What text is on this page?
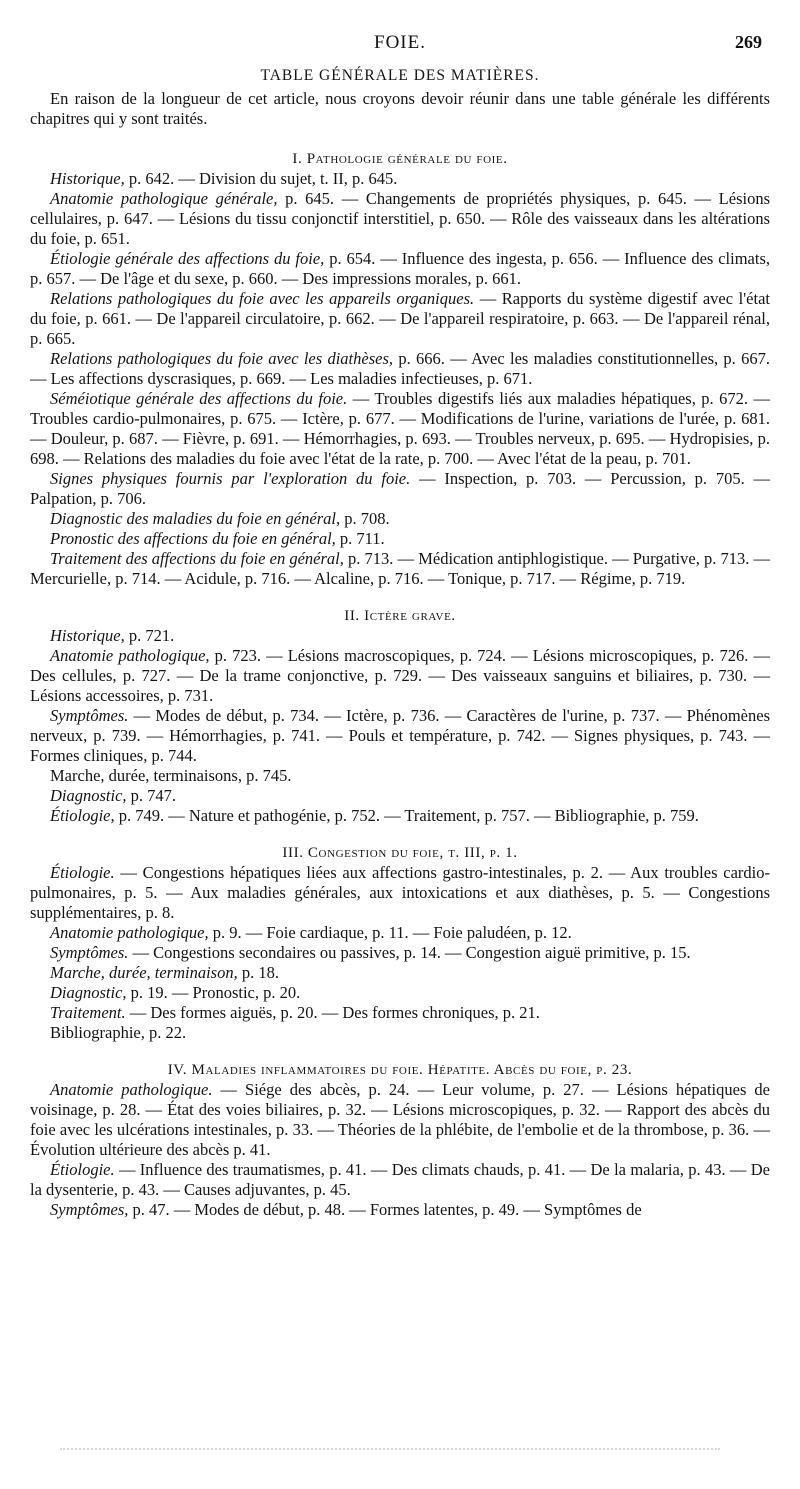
FOIE.	269
TABLE GÉNÉRALE DES MATIÈRES.

En raison de la longueur de cet article, nous croyons devoir réunir dans une table générale les différents chapitres qui y sont traités.

I. Pathologie générale du foie.

Historique, p. 642. — Division du sujet, t. II, p. 645.

Anatomie pathologique générale, p. 645. — Changements de propriétés physiques, p. 645. — Lésions cellulaires, p. 647. — Lésions du tissu conjonctif interstitiel, p. 650. — Rôle des vaisseaux dans les altérations du foie, p. 651.

Étiologie générale des affections du foie, p. 654. — Influence des ingesta, p. 656. — Influence des climats, p. 657. — De l'âge et du sexe, p. 660. — Des impressions morales, p. 661.

Relations pathologiques du foie avec les appareils organiques. — Rapports du système digestif avec l'état du foie, p. 661. — De l'appareil circulatoire, p. 662. — De l'appareil respiratoire, p. 663. — De l'appareil rénal, p. 665.

Relations pathologiques du foie avec les diathèses, p. 666. — Avec les maladies constitutionnelles, p. 667. — Les affections dyscrasiques, p. 669. — Les maladies infectieuses, p. 671.

Séméiotique générale des affections du foie. — Troubles digestifs liés aux maladies hépatiques, p. 672. — Troubles cardio-pulmonaires, p. 675. — Ictère, p. 677. — Modifications de l'urine, variations de l'urée, p. 681. — Douleur, p. 687. — Fièvre, p. 691. — Hémorrhagies, p. 693. — Troubles nerveux, p. 695. — Hydropisies, p. 698. — Relations des maladies du foie avec l'état de la rate, p. 700. — Avec l'état de la peau, p. 701.

Signes physiques fournis par l'exploration du foie. — Inspection, p. 703. — Percussion, p. 705. — Palpation, p. 706.

Diagnostic des maladies du foie en général, p. 708.

Pronostic des affections du foie en général, p. 711.

Traitement des affections du foie en général, p. 713. — Médication antiphlogistique. — Purgative, p. 713. — Mercurielle, p. 714. — Acidule, p. 716. — Alcaline, p. 716. — Tonique, p. 717. — Régime, p. 719.

II. Ictère grave.

Historique, p. 721.

Anatomie pathologique, p. 723. — Lésions macroscopiques, p. 724. — Lésions microscopiques, p. 726. — Des cellules, p. 727. — De la trame conjonctive, p. 729. — Des vaisseaux sanguins et biliaires, p. 730. — Lésions accessoires, p. 731.

Symptômes. — Modes de début, p. 734. — Ictère, p. 736. — Caractères de l'urine, p. 737. — Phénomènes nerveux, p. 739. — Hémorrhagies, p. 741. — Pouls et température, p. 742. — Signes physiques, p. 743. — Formes cliniques, p. 744.

Marche, durée, terminaisons, p. 745.

Diagnostic, p. 747.

Étiologie, p. 749. — Nature et pathogénie, p. 752. — Traitement, p. 757. — Bibliographie, p. 759.

III. Congestion du foie, t. III, p. 1.

Étiologie. — Congestions hépatiques liées aux affections gastro-intestinales, p. 2. — Aux troubles cardio-pulmonaires, p. 5. — Aux maladies générales, aux intoxications et aux diathèses, p. 5. — Congestions supplémentaires, p. 8.

Anatomie pathologique, p. 9. — Foie cardiaque, p. 11. — Foie paludéen, p. 12.

Symptômes. — Congestions secondaires ou passives, p. 14. — Congestion aiguë primitive, p. 15.

Marche, durée, terminaison, p. 18.

Diagnostic, p. 19. — Pronostic, p. 20.

Traitement. — Des formes aiguës, p. 20. — Des formes chroniques, p. 21.

Bibliographie, p. 22.

IV. Maladies inflammatoires du foie. Hépatite. Abcès du foie, p. 23.

Anatomie pathologique. — Siége des abcès, p. 24. — Leur volume, p. 27. — Lésions hépatiques de voisinage, p. 28. — État des voies biliaires, p. 32. — Lésions microscopiques, p. 32. — Rapport des abcès du foie avec les ulcérations intestinales, p. 33. — Théories de la phlébite, de l'embolie et de la thrombose, p. 36. — Évolution ultérieure des abcès p. 41.

Étiologie. — Influence des traumatismes, p. 41. — Des climats chauds, p. 41. — De la malaria, p. 43. — De la dysenterie, p. 43. — Causes adjuvantes, p. 45.

Symptômes, p. 47. — Modes de début, p. 48. — Formes latentes, p. 49. — Symptômes de
